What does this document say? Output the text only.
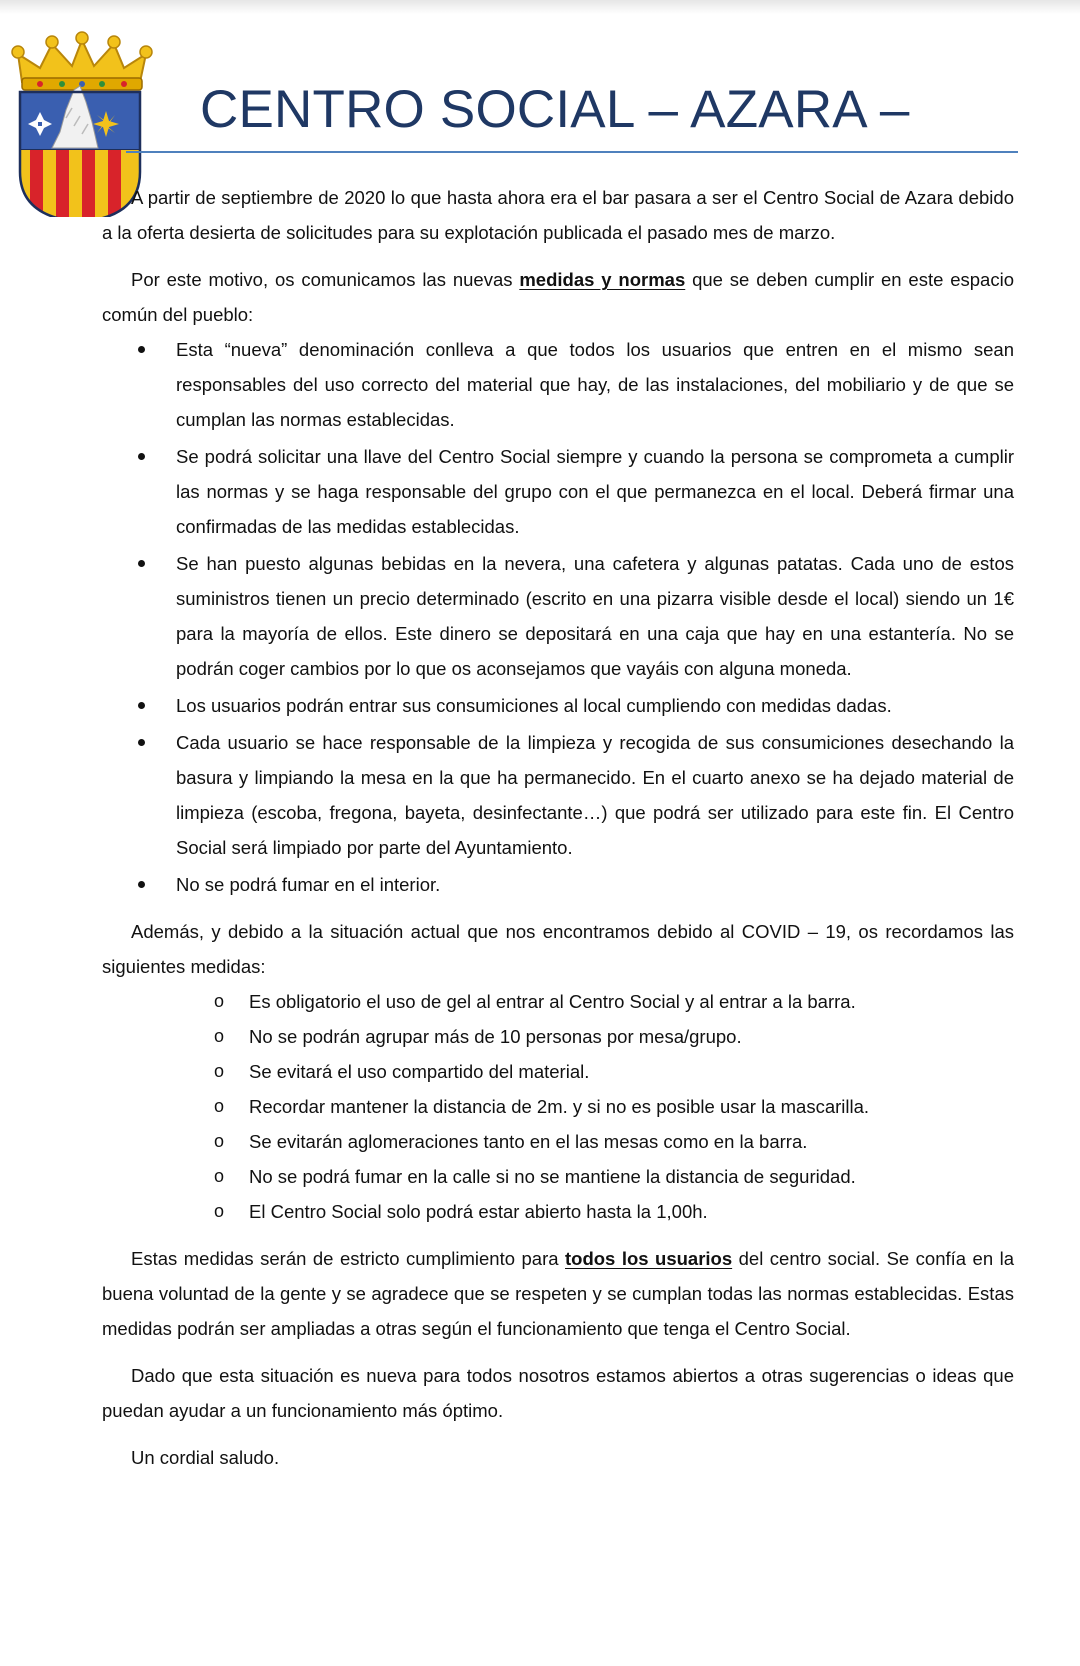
CENTRO SOCIAL – AZARA –

A partir de septiembre de 2020 lo que hasta ahora era el bar pasara a ser el Centro Social de Azara debido a la oferta desierta de solicitudes para su explotación publicada el pasado mes de marzo.

Por este motivo, os comunicamos las nuevas medidas y normas que se deben cumplir en este espacio común del pueblo:

Esta “nueva” denominación conlleva a que todos los usuarios que entren en el mismo sean responsables del uso correcto del material que hay, de las instalaciones, del mobiliario y de que se cumplan las normas establecidas.
Se podrá solicitar una llave del Centro Social siempre y cuando la persona se comprometa a cumplir las normas y se haga responsable del grupo con el que permanezca en el local. Deberá firmar una confirmadas de las medidas establecidas.
Se han puesto algunas bebidas en la nevera, una cafetera y algunas patatas. Cada uno de estos suministros tienen un precio determinado (escrito en una pizarra visible desde el local) siendo un 1€ para la mayoría de ellos. Este dinero se depositará en una caja que hay en una estantería. No se podrán coger cambios por lo que os aconsejamos que vayáis con alguna moneda.
Los usuarios podrán entrar sus consumiciones al local cumpliendo con medidas dadas.
Cada usuario se hace responsable de la limpieza y recogida de sus consumiciones desechando la basura y limpiando la mesa en la que ha permanecido. En el cuarto anexo se ha dejado material de limpieza (escoba, fregona, bayeta, desinfectante…) que podrá ser utilizado para este fin. El Centro Social será limpiado por parte del Ayuntamiento.
No se podrá fumar en el interior.

Además, y debido a la situación actual que nos encontramos debido al COVID – 19, os recordamos las siguientes medidas:

o Es obligatorio el uso de gel al entrar al Centro Social y al entrar a la barra.
o No se podrán agrupar más de 10 personas por mesa/grupo.
o Se evitará el uso compartido del material.
o Recordar mantener la distancia de 2m. y si no es posible usar la mascarilla.
o Se evitarán aglomeraciones tanto en el las mesas como en la barra.
o No se podrá fumar en la calle si no se mantiene la distancia de seguridad.
o El Centro Social solo podrá estar abierto hasta la 1,00h.

Estas medidas serán de estricto cumplimiento para todos los usuarios del centro social. Se confía en la buena voluntad de la gente y se agradece que se respeten y se cumplan todas las normas establecidas. Estas medidas podrán ser ampliadas a otras según el funcionamiento que tenga el Centro Social.

Dado que esta situación es nueva para todos nosotros estamos abiertos a otras sugerencias o ideas que puedan ayudar a un funcionamiento más óptimo.

Un cordial saludo.
